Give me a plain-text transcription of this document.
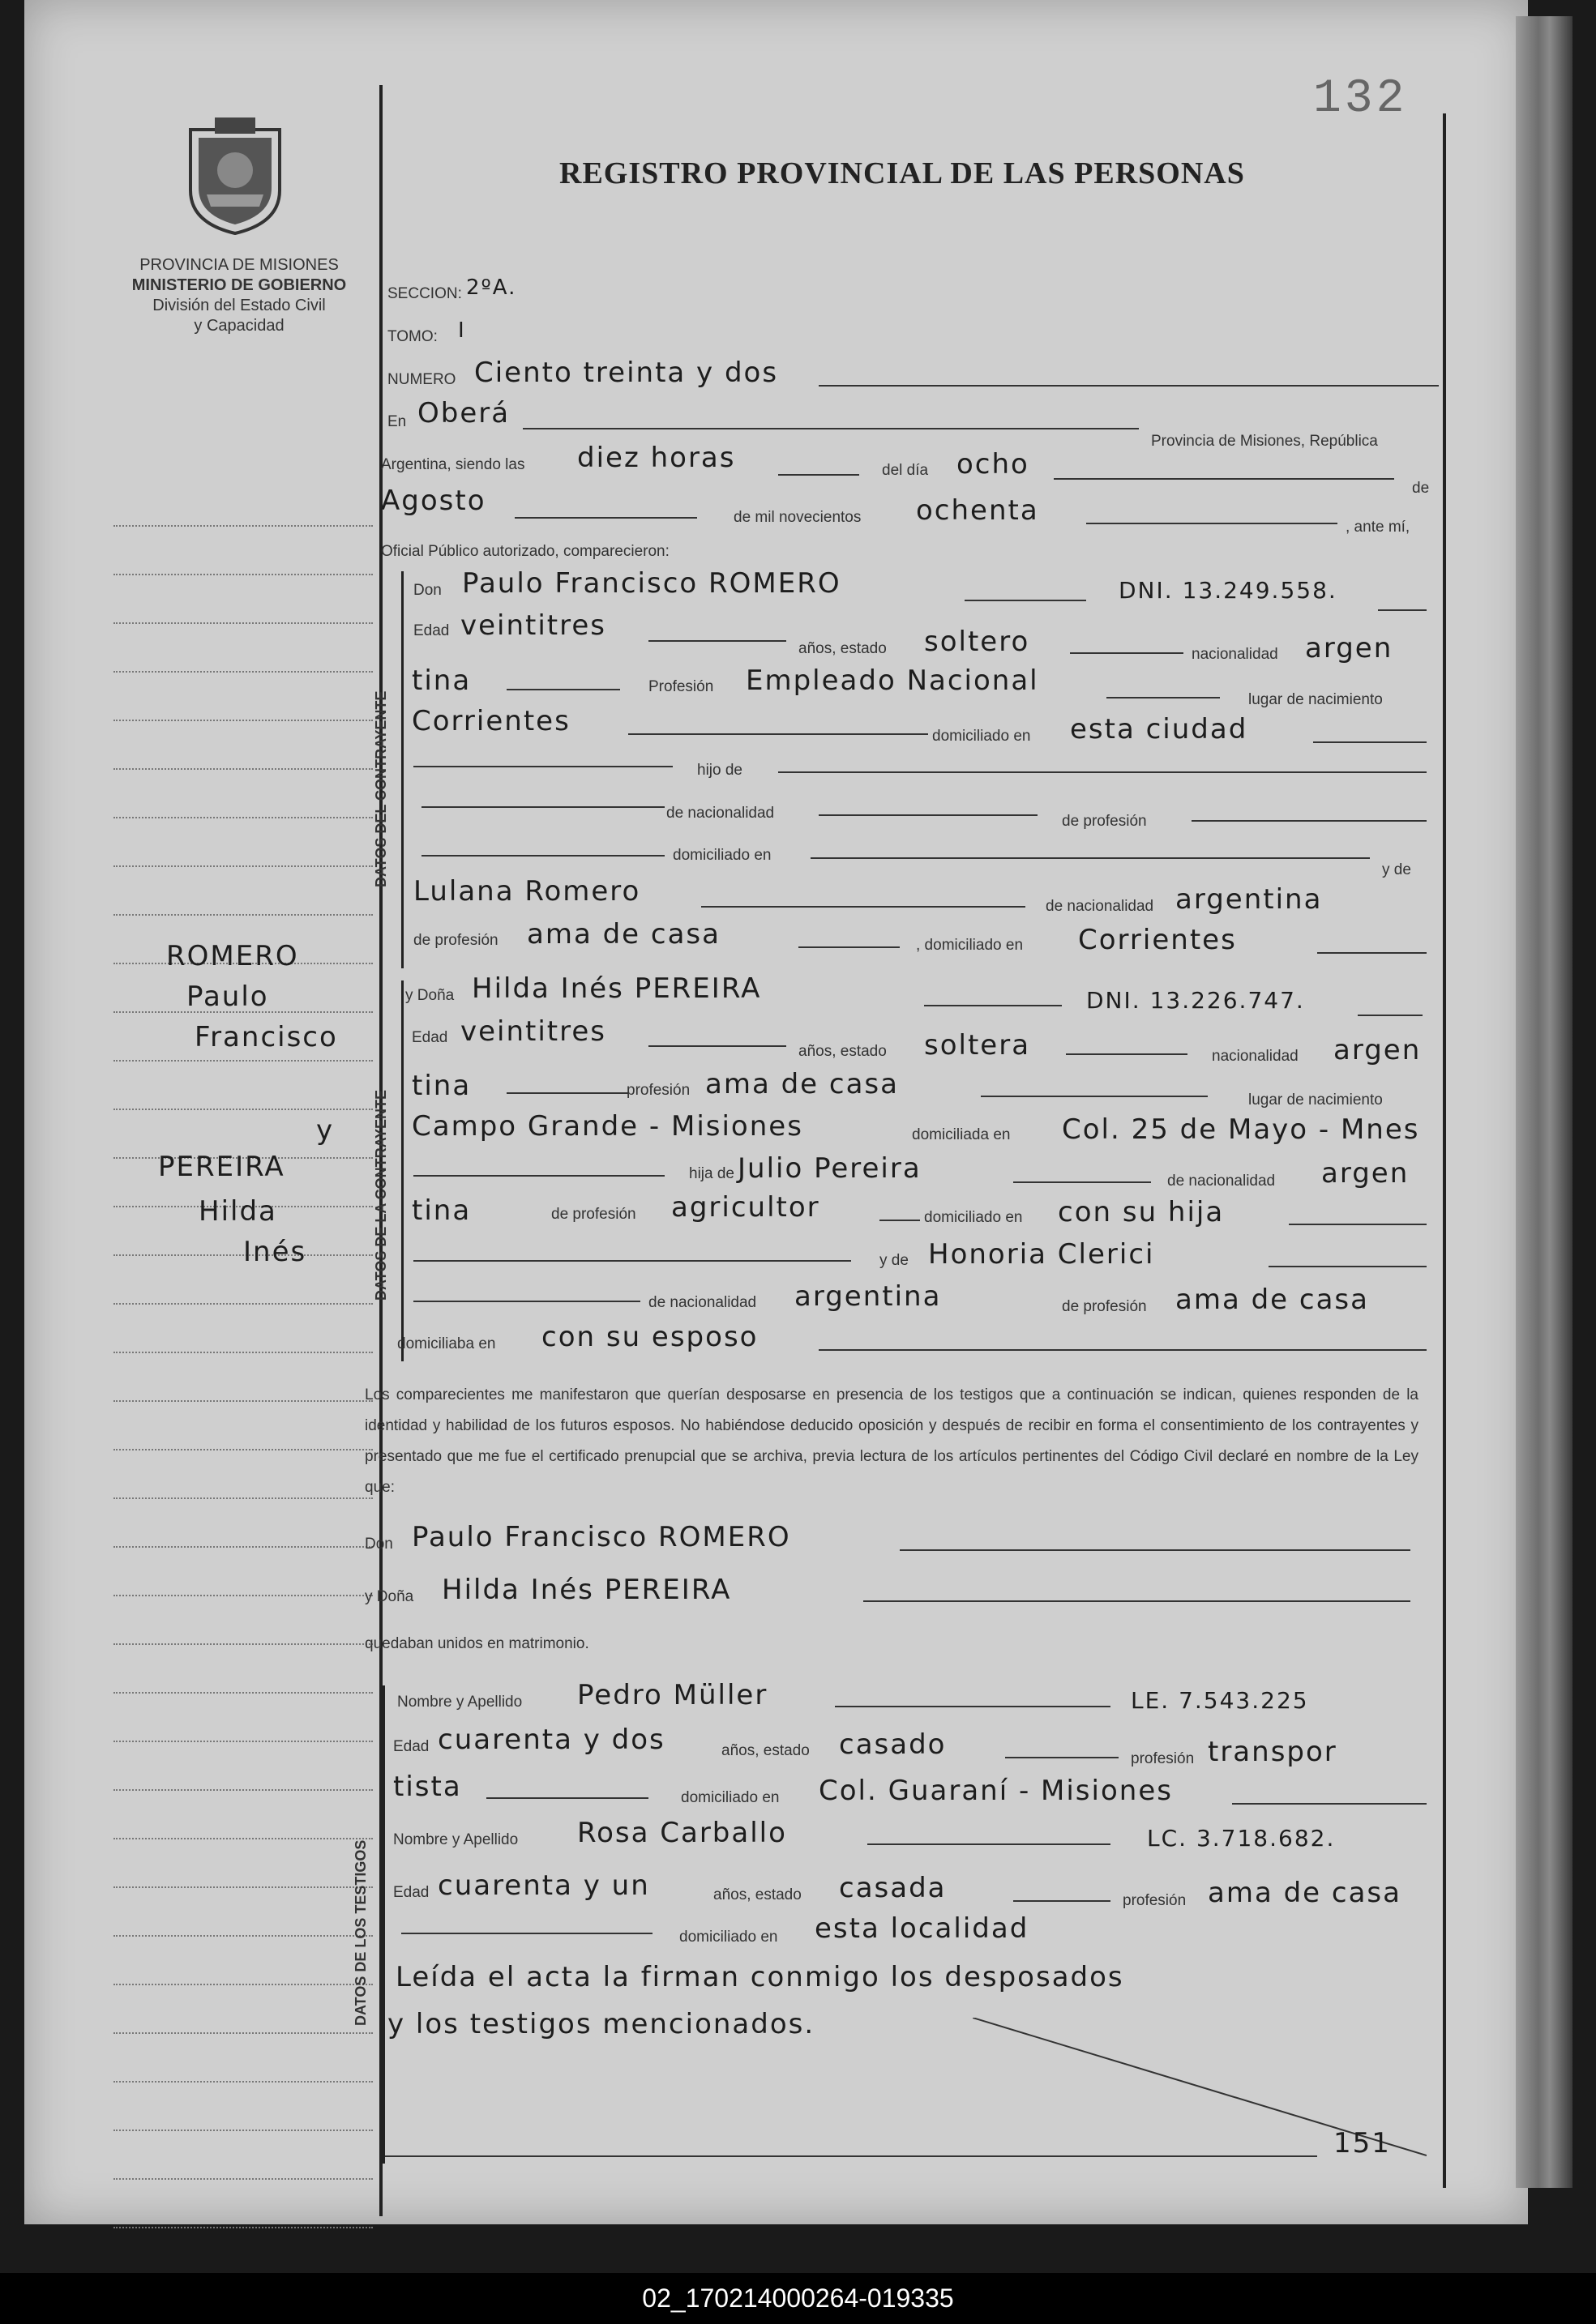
132
PROVINCIA DE MISIONES
MINISTERIO DE GOBIERNO
División del Estado Civil
y Capacidad
REGISTRO PROVINCIAL DE LAS PERSONAS
SECCION: 2ºA.
TOMO: I
NUMERO Ciento treinta y dos
En Oberá
Provincia de Misiones, República
Argentina, siendo las diez horas	del día ocho
de
Agosto
de mil novecientos ochenta
, ante mí,
Oficial Público autorizado, comparecieron:
DATOS DEL CONTRAYENTE
Don Paulo Francisco ROMERO	DNI. 13.249.558.
Edad veintitres
años, estado soltero	nacionalidad argen
tina	Profesión Empleado Nacional
lugar de nacimiento
Corrientes	domiciliado en esta ciudad
hijo de
de nacionalidad	de profesión
domiciliado en
y de
Lulana Romero	de nacionalidad argentina
de profesión ama de casa	, domiciliado en Corrientes
DATOS DE LA CONTRAYENTE
y Doña Hilda Inés PEREIRA	DNI. 13.226.747.
Edad veintitres
años, estado soltera	nacionalidad argen
tina	profesión ama de casa	lugar de nacimiento
Campo Grande - Misiones	domiciliada en Col. 25 de Mayo - Mnes
hija de Julio Pereira	de nacionalidad argen
tina	de profesión agricultor	domiciliado en con su hija
y de Honoria Clerici
de nacionalidad argentina	de profesión ama de casa
domiciliaba en con su esposo
ROMERO
Paulo
Francisco
y
PEREIRA
Hilda
Inés
Los comparecientes me manifestaron que querían desposarse en presencia de los testigos que a continuación se indican, quienes responden de la identidad y habilidad de los futuros esposos. No habiéndose deducido oposición y después de recibir en forma el consentimiento de los contrayentes y presentado que me fue el certificado prenupcial que se archiva, previa lectura de los artículos pertinentes del Código Civil declaré en nombre de la Ley que:
Don Paulo Francisco ROMERO
y Doña Hilda Inés PEREIRA
quedaban unidos en matrimonio.
DATOS DE LOS TESTIGOS
Nombre y Apellido Pedro Müller	LE. 7.543.225
Edad cuarenta y dos	años, estado casado	profesión transpor
tista	domiciliado en Col. Guaraní - Misiones
Nombre y Apellido Rosa Carballo	LC. 3.718.682.
Edad cuarenta y un	años, estado casada	profesión ama de casa
domiciliado en esta localidad
Leída el acta la firman conmigo los desposados
y los testigos mencionados.
151
02_170214000264-019335
